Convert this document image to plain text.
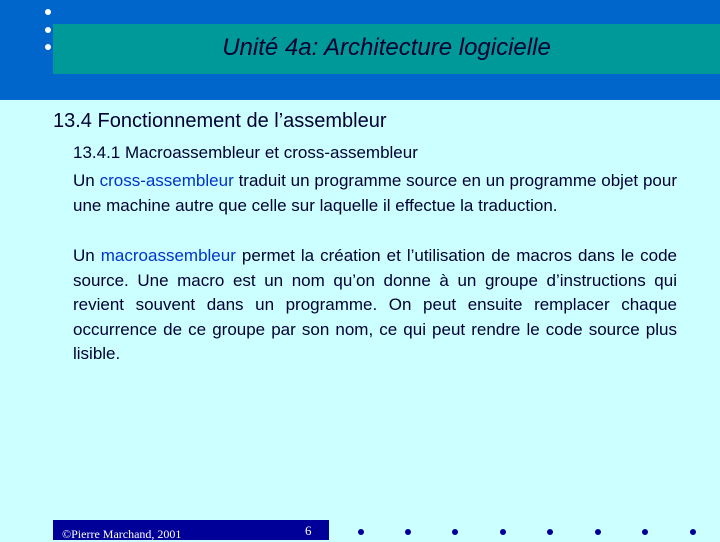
Unité 4a: Architecture logicielle
13.4 Fonctionnement de l’assembleur
13.4.1 Macroassembleur et cross-assembleur
Un cross-assembleur traduit un programme source en un programme objet pour une machine autre que celle sur laquelle il effectue la traduction.
Un macroassembleur permet la création et l’utilisation de macros dans le code source. Une macro est un nom qu’on donne à un groupe d’instructions qui revient souvent dans un programme. On peut ensuite remplacer chaque occurrence de ce groupe par son nom, ce qui peut rendre le code source plus lisible.
©Pierre Marchand, 2001	6
